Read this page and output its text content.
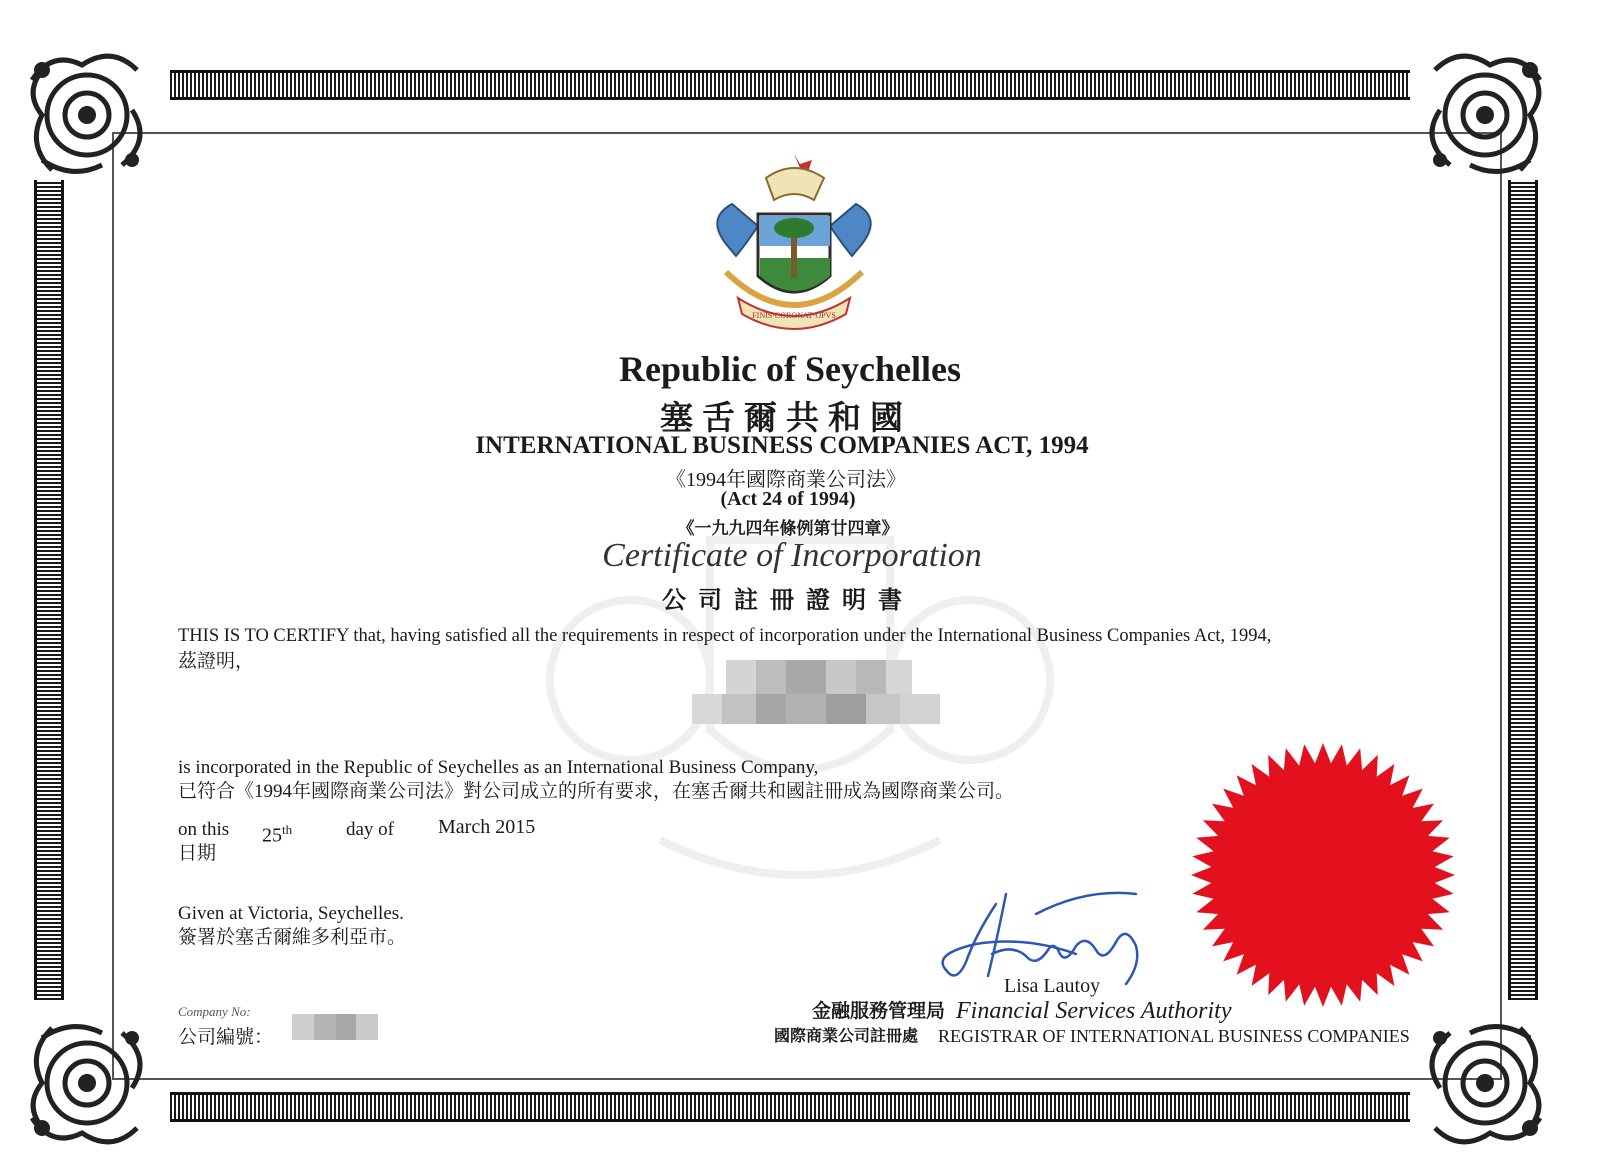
FINIS·CORONAT·OPVS
Republic of Seychelles
塞舌爾共和國
INTERNATIONAL BUSINESS COMPANIES ACT, 1994
《1994年國際商業公司法》
(Act 24 of 1994)
《一九九四年條例第廿四章》
Certificate of Incorporation
公司註冊證明書
THIS IS TO CERTIFY that, having satisfied all the requirements in respect of incorporation under the International Business Companies Act, 1994,
茲證明，
is incorporated in the Republic of Seychelles as an International Business Company,
已符合《1994年國際商業公司法》對公司成立的所有要求，在塞舌爾共和國註冊成為國際商業公司。
on this 25th	day of March 2015
日期
Given at Victoria, Seychelles.
簽署於塞舌爾維多利亞市。
Company No:
公司編號：
Lisa Lautoy
金融服務管理局 Financial Services Authority
國際商業公司註冊處 REGISTRAR OF INTERNATIONAL BUSINESS COMPANIES
